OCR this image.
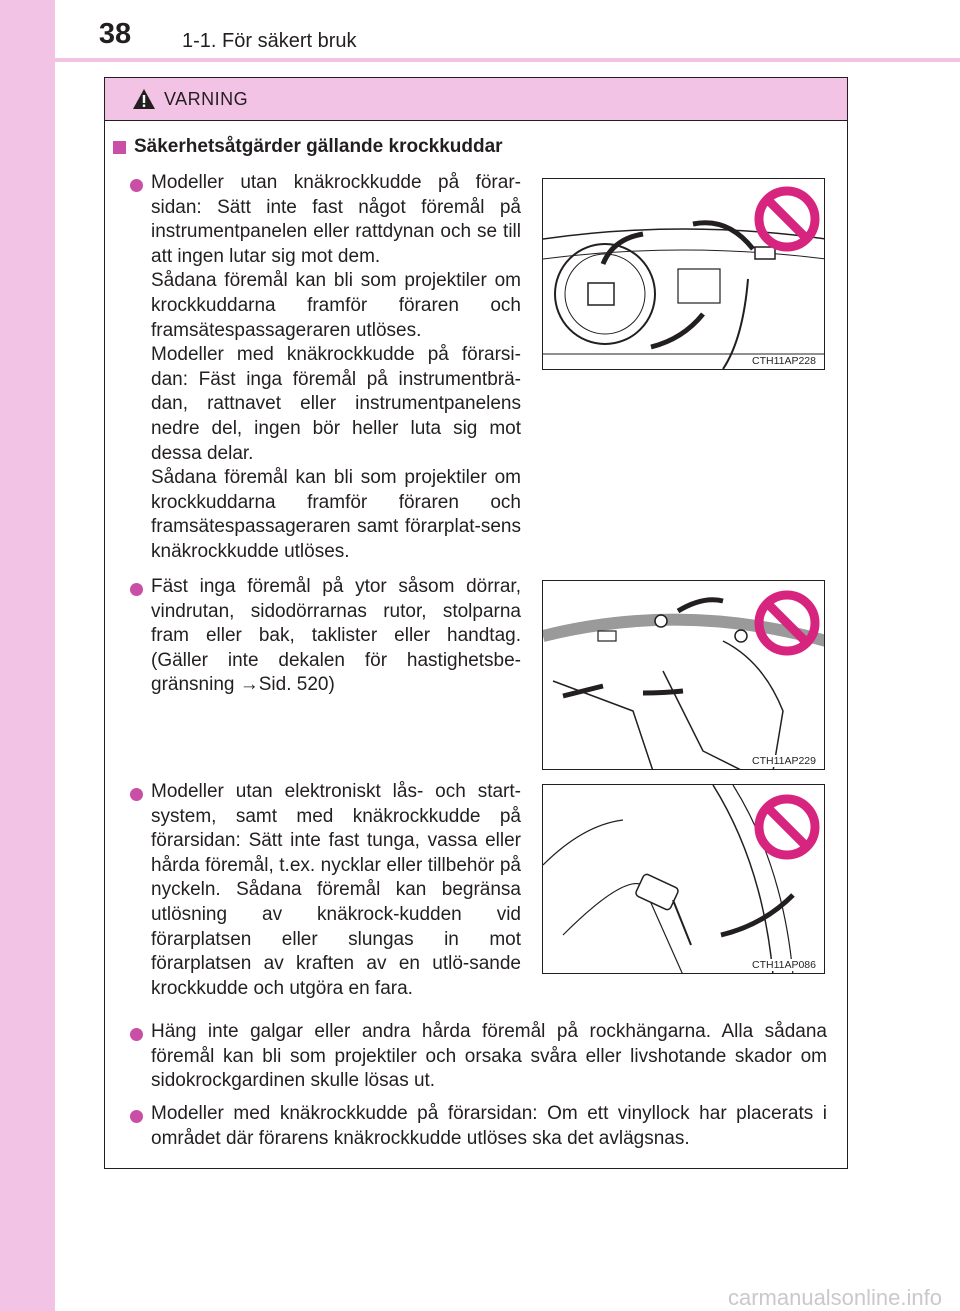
38	1-1. För säkert bruk
VARNING
Säkerhetsåtgärder gällande krockkuddar

Modeller utan knäkrockkudde på förar-sidan: Sätt inte fast något föremål på instrumentpanelen eller rattdynan och se till att ingen lutar sig mot dem.

Sådana föremål kan bli som projektiler om krockkuddarna framför föraren och framsätespassageraren utlöses.

Modeller med knäkrockkudde på förarsi-dan: Fäst inga föremål på instrumentbrä-dan, rattnavet eller instrumentpanelens nedre del, ingen bör heller luta sig mot dessa delar.

Sådana föremål kan bli som projektiler om krockkuddarna framför föraren och framsätespassageraren samt förarplat-sens knäkrockkudde utlöses.

CTH11AP228

Fäst inga föremål på ytor såsom dörrar, vindrutan, sidodörrarnas rutor, stolparna fram eller bak, taklister eller handtag. (Gäller inte dekalen för hastighetsbe-gränsning →Sid. 520)

CTH11AP229

Modeller utan elektroniskt lås- och start-system, samt med knäkrockkudde på förarsidan: Sätt inte fast tunga, vassa eller hårda föremål, t.ex. nycklar eller tillbehör på nyckeln. Sådana föremål kan begränsa utlösning av knäkrock-kudden vid förarplatsen eller slungas in mot förarplatsen av kraften av en utlö-sande krockkudde och utgöra en fara.

CTH11AP086

Häng inte galgar eller andra hårda föremål på rockhängarna. Alla sådana föremål kan bli som projektiler och orsaka svåra eller livshotande skador om sidokrockgardinen skulle lösas ut.

Modeller med knäkrockkudde på förarsidan: Om ett vinyllock har placerats i området där förarens knäkrockkudde utlöses ska det avlägsnas.

carmanualsonline.info
